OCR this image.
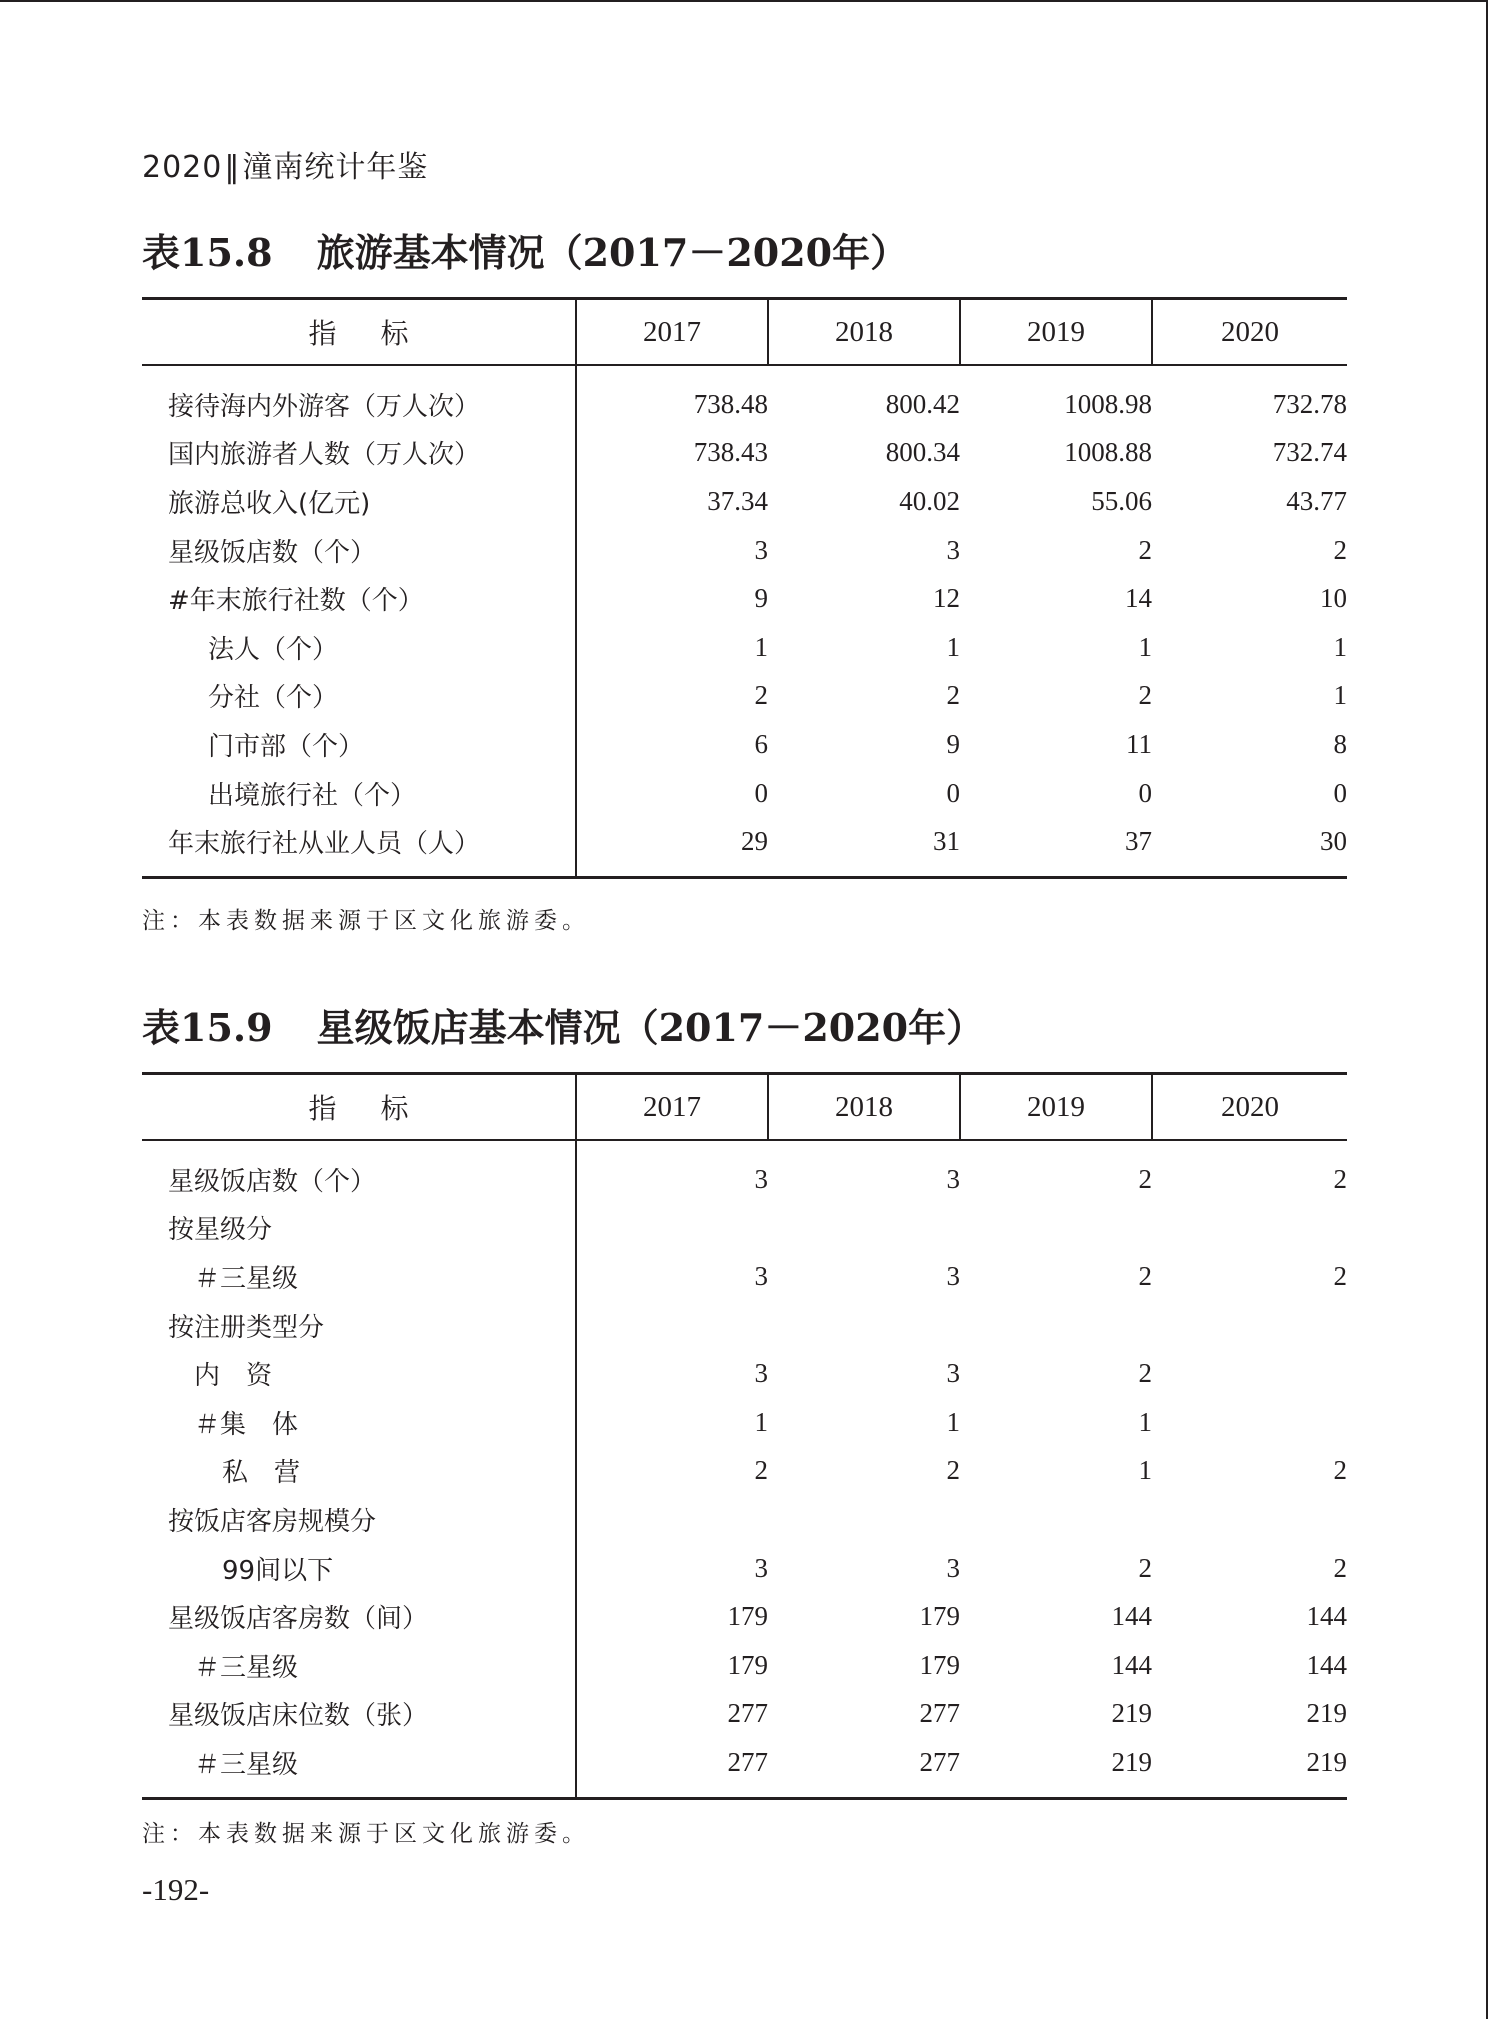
2020‖潼南统计年鉴
表15.8 旅游基本情况（2017－2020年）
指 标	2017	2018	2019	2020
接待海内外游客（万人次）	738.48	800.42	1008.98	732.78
国内旅游者人数（万人次）	738.43	800.34	1008.88	732.74
旅游总收入(亿元)	37.34	40.02	55.06	43.77
星级饭店数（个）	3	3	2	2
#年末旅行社数（个）	9	12	14	10
法人（个）	1	1	1	1
分社（个）	2	2	2	1
门市部（个）	6	9	11	8
出境旅行社（个）	0	0	0	0
年末旅行社从业人员（人）	29	31	37	30
注：本表数据来源于区文化旅游委。
表15.9 星级饭店基本情况（2017－2020年）
指 标	2017	2018	2019	2020
星级饭店数（个）	3	3	2	2
按星级分				
＃三星级	3	3	2	2
按注册类型分				
内　资	3	3	2	
＃集　体	1	1	1	
私　营	2	2	1	2
按饭店客房规模分				
99间以下	3	3	2	2
星级饭店客房数（间）	179	179	144	144
＃三星级	179	179	144	144
星级饭店床位数（张）	277	277	219	219
＃三星级	277	277	219	219
注：本表数据来源于区文化旅游委。
-192-
